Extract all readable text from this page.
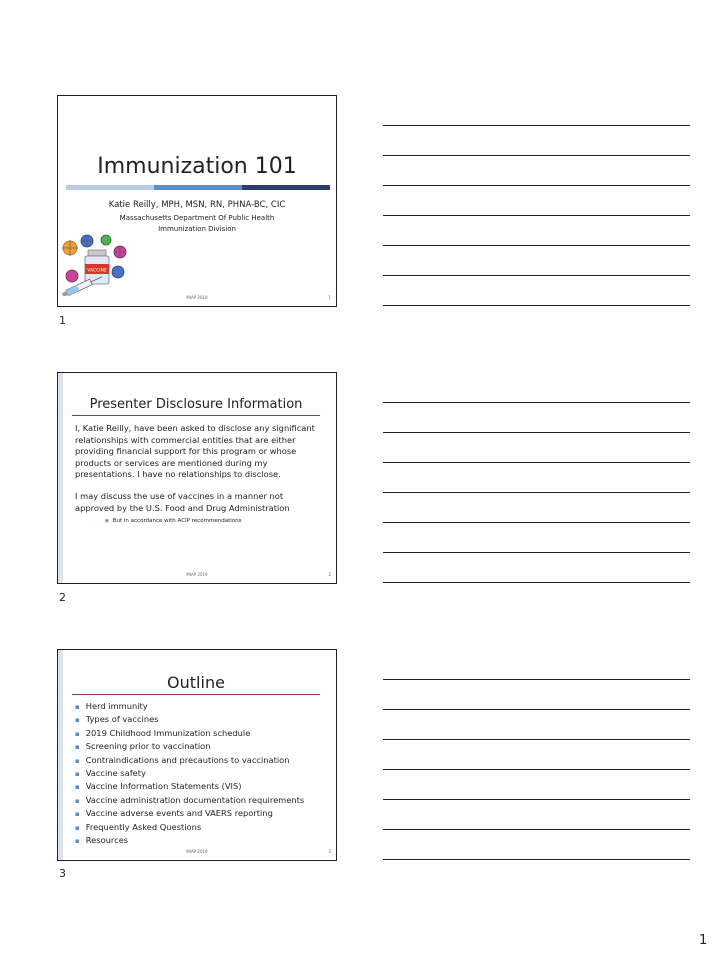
Immunization 101
Katie Reilly, MPH, MSN, RN, PHNA-BC, CIC
Massachusetts Department Of Public Health
Immunization Division
VACCINE
MIAP 2019	1
1
Presenter Disclosure Information

I, Katie Reilly, have been asked to disclose any significant relationships with commercial entities that are either providing financial support for this program or whose products or services are mentioned during my presentations. I have no relationships to disclose.

I may discuss the use of vaccines in a manner not approved by the U.S. Food and Drug Administration

▪ But in accordance with ACIP recommendations
MIAP 2019	2
2
Outline
▪ Herd immunity
▪ Types of vaccines
▪ 2019 Childhood Immunization schedule
▪ Screening prior to vaccination
▪ Contraindications and precautions to vaccination
▪ Vaccine safety
▪ Vaccine Information Statements (VIS)
▪ Vaccine administration documentation requirements
▪ Vaccine adverse events and VAERS reporting
▪ Frequently Asked Questions
▪ Resources
MIAP 2019	3
3
1
